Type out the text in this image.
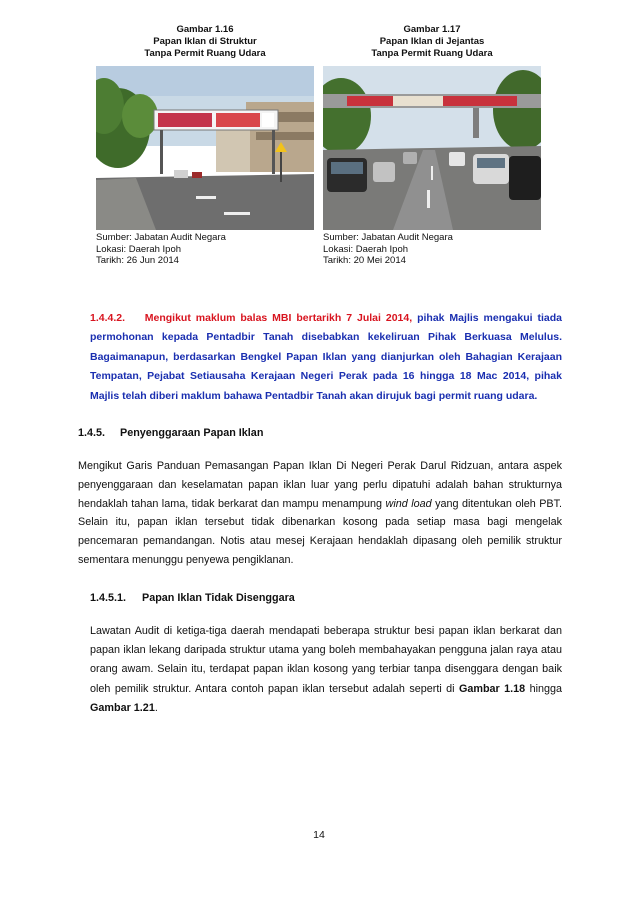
Gambar 1.16
Papan Iklan di Struktur
Tanpa Permit Ruang Udara
Sumber: Jabatan Audit Negara
Lokasi: Daerah Ipoh
Tarikh: 26 Jun 2014
Gambar 1.17
Papan Iklan di Jejantas
Tanpa Permit Ruang Udara
Sumber: Jabatan Audit Negara
Lokasi: Daerah Ipoh
Tarikh: 20 Mei 2014
1.4.4.2. Mengikut maklum balas MBI bertarikh 7 Julai 2014, pihak Majlis mengakui tiada permohonan kepada Pentadbir Tanah disebabkan kekeliruan Pihak Berkuasa Melulus. Bagaimanapun, berdasarkan Bengkel Papan Iklan yang dianjurkan oleh Bahagian Kerajaan Tempatan, Pejabat Setiausaha Kerajaan Negeri Perak pada 16 hingga 18 Mac 2014, pihak Majlis telah diberi maklum bahawa Pentadbir Tanah akan dirujuk bagi permit ruang udara.
1.4.5. Penyenggaraan Papan Iklan
Mengikut Garis Panduan Pemasangan Papan Iklan Di Negeri Perak Darul Ridzuan, antara aspek penyenggaraan dan keselamatan papan iklan luar yang perlu dipatuhi adalah bahan strukturnya hendaklah tahan lama, tidak berkarat dan mampu menampung wind load yang ditentukan oleh PBT. Selain itu, papan iklan tersebut tidak dibenarkan kosong pada setiap masa bagi mengelak pencemaran pemandangan. Notis atau mesej Kerajaan hendaklah dipasang oleh pemilik struktur sementara menunggu penyewa pengiklanan.
1.4.5.1. Papan Iklan Tidak Disenggara
Lawatan Audit di ketiga-tiga daerah mendapati beberapa struktur besi papan iklan berkarat dan papan iklan lekang daripada struktur utama yang boleh membahayakan pengguna jalan raya atau orang awam. Selain itu, terdapat papan iklan kosong yang terbiar tanpa disenggara dengan baik oleh pemilik struktur. Antara contoh papan iklan tersebut adalah seperti di Gambar 1.18 hingga Gambar 1.21.
14
